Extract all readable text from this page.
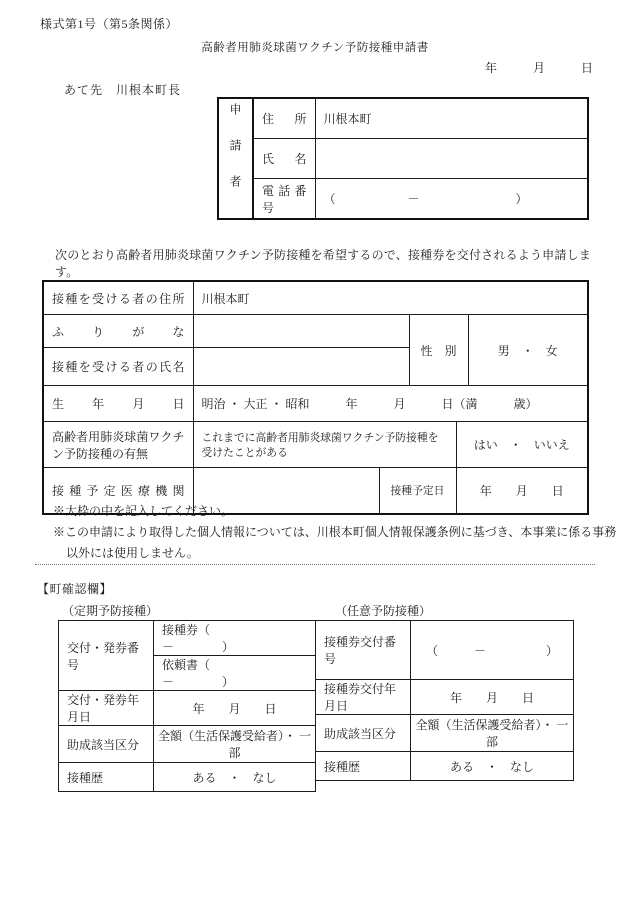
様式第1号（第5条関係）
高齢者用肺炎球菌ワクチン予防接種申請書
年　　　月　　　日
あて先　川根本町長
申請者	住　所	川根本町
	氏　名	
	電話番号	（　　　　　　－　　　　　　　　）
次のとおり高齢者用肺炎球菌ワクチン予防接種を希望するので、接種券を交付されるよう申請します。
接種を受ける者の住所	川根本町				
ふ　り　が　な			性　別		男　・　女
接種を受ける者の氏名					
生　年　月　日	明治 ・ 大正 ・ 昭和　　　年　　　月　　　日（満　　　歳）				
高齢者用肺炎球菌ワクチン予防接種の有無	これまでに高齢者用肺炎球菌ワクチン予防接種を受けたことがある			はい　・　いいえ	
接種予定医療機関		接種予定日		年　　月　　日	
※太枠の中を記入してください。
※この申請により取得した個人情報については、川根本町個人情報保護条例に基づき、本事業に係る事務
以外には使用しません。
【町確認欄】
（定期予防接種）	（任意予防接種）
交付・発券番号	接種券（　　　－　　　　）
	依頼書（　　　－　　　　）
交付・発券年月日	年　　月　　日
助成該当区分	全額（生活保護受給者）・ 一部
接種歴	ある　・　なし
接種券交付番号	（　　　－　　　　　）
接種券交付年月日	年　　月　　日
助成該当区分	全額（生活保護受給者）・ 一部
接種歴	ある　・　なし
